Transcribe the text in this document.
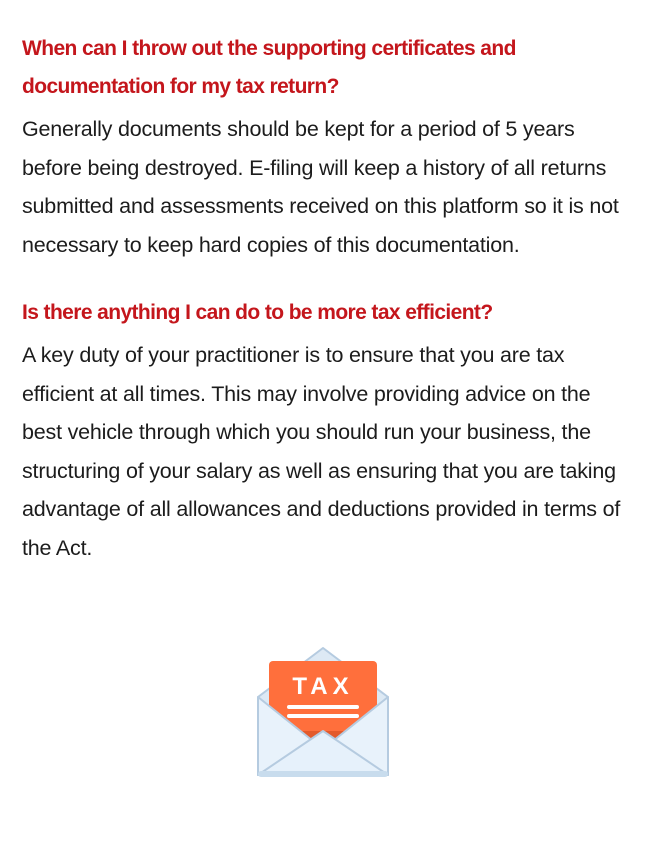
When can I throw out the supporting certificates and documentation for my tax return?

Generally documents should be kept for a period of 5 years before being destroyed. E-filing will keep a history of all returns submitted and assessments received on this platform so it is not necessary to keep hard copies of this documentation.

Is there anything I can do to be more tax efficient?

A key duty of your practitioner is to ensure that you are tax efficient at all times. This may involve providing advice on the best vehicle through which you should run your business, the structuring of your salary as well as ensuring that you are taking advantage of all allowances and deductions provided in terms of the Act.

TAX
